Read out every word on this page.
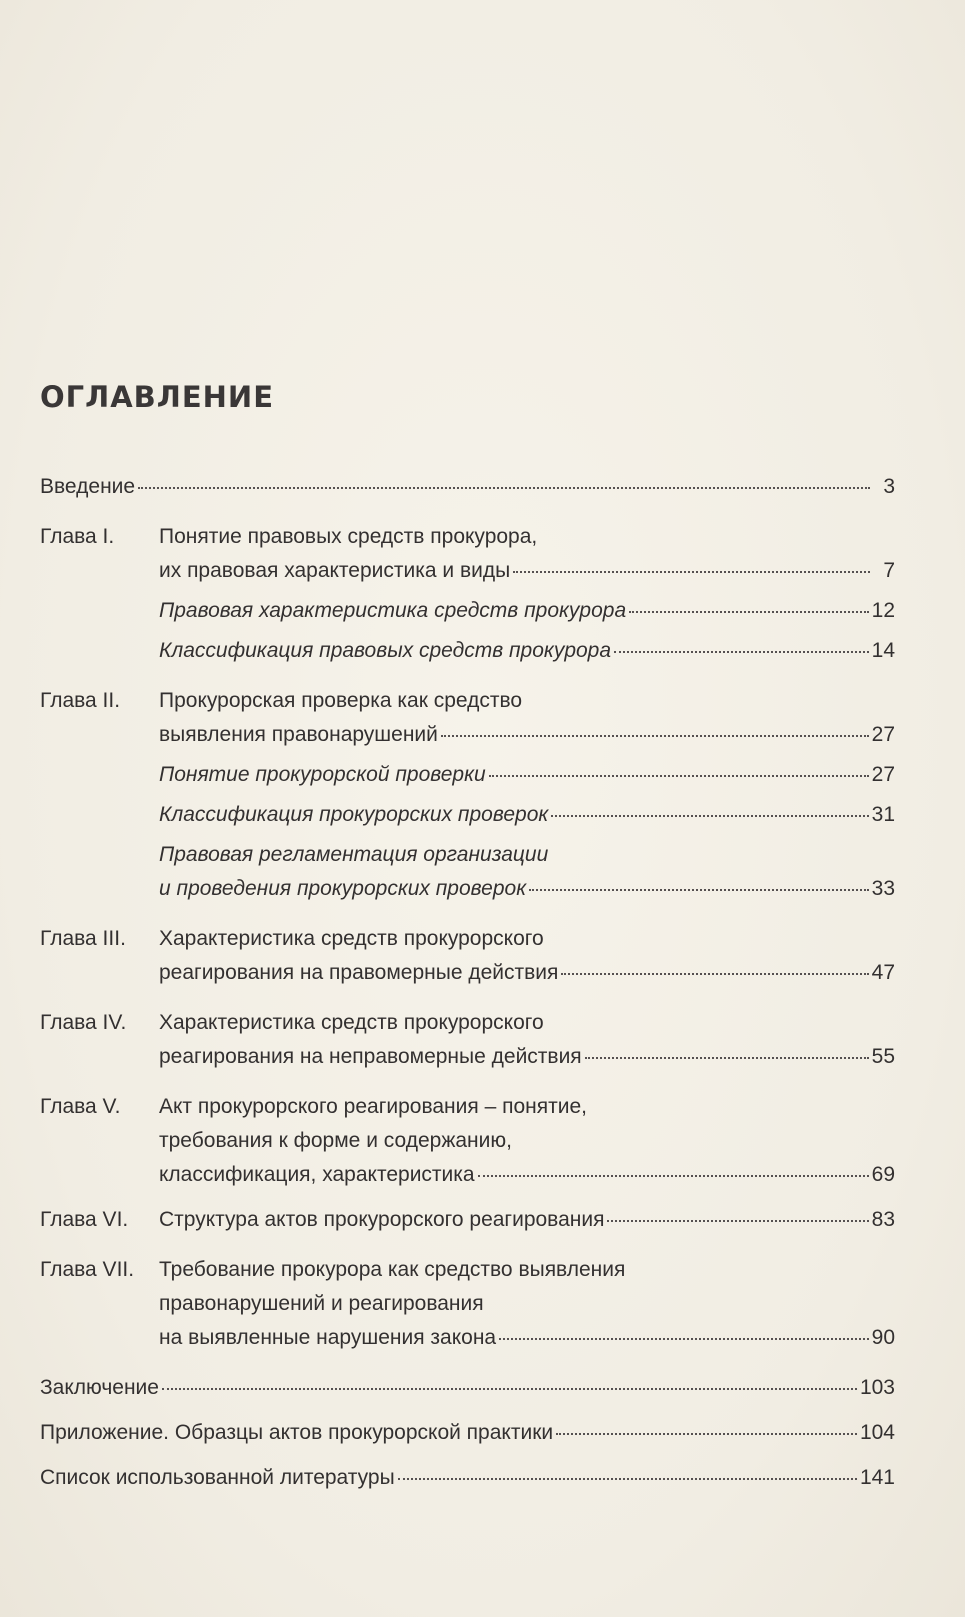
ОГЛАВЛЕНИЕ
Введение	3
Глава I.	Понятие правовых средств прокурора,
их правовая характеристика и виды	7
Правовая характеристика средств прокурора	12
Классификация правовых средств прокурора	14
Глава II.	Прокурорская проверка как средство
выявления правонарушений	27
Понятие прокурорской проверки	27
Классификация прокурорских проверок	31
Правовая регламентация организации
и проведения прокурорских проверок	33
Глава III.	Характеристика средств прокурорского
реагирования на правомерные действия	47
Глава IV.	Характеристика средств прокурорского
реагирования на неправомерные действия	55
Глава V.	Акт прокурорского реагирования – понятие,
требования к форме и содержанию,
классификация, характеристика	69
Глава VI.	Структура актов прокурорского реагирования	83
Глава VII.	Требование прокурора как средство выявления
правонарушений и реагирования
на выявленные нарушения закона	90
Заключение	103
Приложение. Образцы актов прокурорской практики	104
Список использованной литературы	141
